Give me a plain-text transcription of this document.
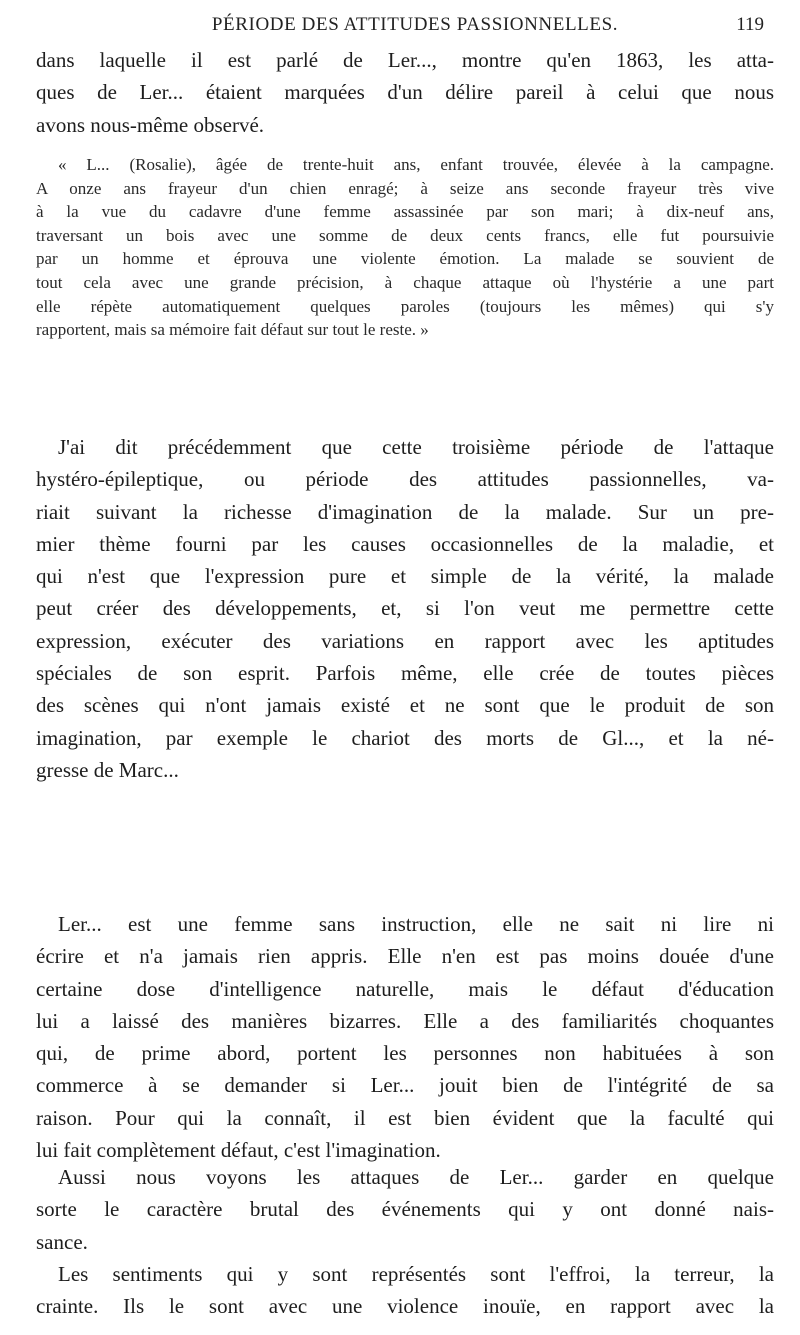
PÉRIODE DES ATTITUDES PASSIONNELLES.	119

dans laquelle il est parlé de Ler..., montre qu'en 1863, les atta-
ques de Ler... étaient marquées d'un délire pareil à celui que nous
avons nous-même observé.

« L... (Rosalie), âgée de trente-huit ans, enfant trouvée, élevée à la campagne.
A onze ans frayeur d'un chien enragé; à seize ans seconde frayeur très vive
à la vue du cadavre d'une femme assassinée par son mari; à dix-neuf ans,
traversant un bois avec une somme de deux cents francs, elle fut poursuivie
par un homme et éprouva une violente émotion. La malade se souvient de
tout cela avec une grande précision, à chaque attaque où l'hystérie a une part
elle répète automatiquement quelques paroles (toujours les mêmes) qui s'y
rapportent, mais sa mémoire fait défaut sur tout le reste. »

J'ai dit précédemment que cette troisième période de l'attaque
hystéro-épileptique, ou période des attitudes passionnelles, va-
riait suivant la richesse d'imagination de la malade. Sur un pre-
mier thème fourni par les causes occasionnelles de la maladie, et
qui n'est que l'expression pure et simple de la vérité, la malade
peut créer des développements, et, si l'on veut me permettre cette
expression, exécuter des variations en rapport avec les aptitudes
spéciales de son esprit. Parfois même, elle crée de toutes pièces
des scènes qui n'ont jamais existé et ne sont que le produit de son
imagination, par exemple le chariot des morts de Gl..., et la né-
gresse de Marc...

Ler... est une femme sans instruction, elle ne sait ni lire ni
écrire et n'a jamais rien appris. Elle n'en est pas moins douée d'une
certaine dose d'intelligence naturelle, mais le défaut d'éducation
lui a laissé des manières bizarres. Elle a des familiarités choquantes
qui, de prime abord, portent les personnes non habituées à son
commerce à se demander si Ler... jouit bien de l'intégrité de sa
raison. Pour qui la connaît, il est bien évident que la faculté qui
lui fait complètement défaut, c'est l'imagination.

Aussi nous voyons les attaques de Ler... garder en quelque
sorte le caractère brutal des événements qui y ont donné nais-
sance.

Les sentiments qui y sont représentés sont l'effroi, la terreur, la
crainte. Ils le sont avec une violence inouïe, en rapport avec la
